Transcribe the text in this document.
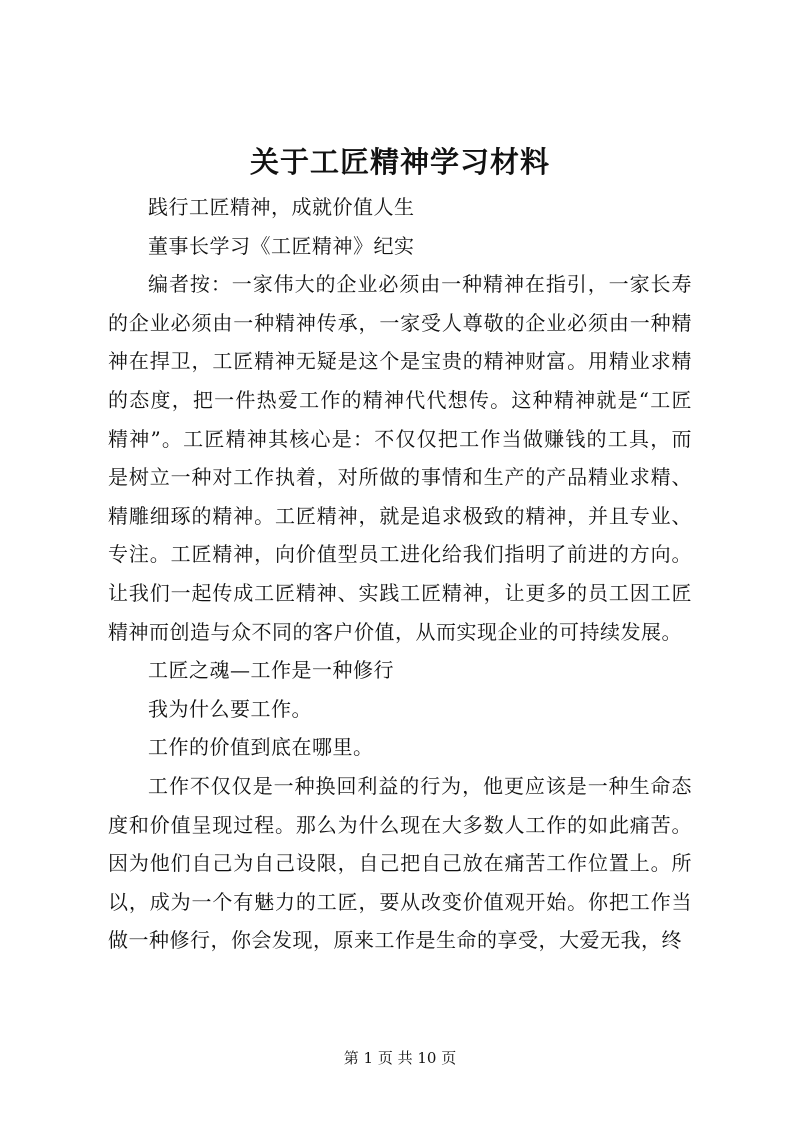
关于工匠精神学习材料

践行工匠精神，成就价值人生

董事长学习《工匠精神》纪实

编者按：一家伟大的企业必须由一种精神在指引，一家长寿的企业必须由一种精神传承，一家受人尊敬的企业必须由一种精神在捍卫，工匠精神无疑是这个是宝贵的精神财富。用精业求精的态度，把一件热爱工作的精神代代想传。这种精神就是“工匠精神”。工匠精神其核心是：不仅仅把工作当做赚钱的工具，而是树立一种对工作执着，对所做的事情和生产的产品精业求精、精雕细琢的精神。工匠精神，就是追求极致的精神，并且专业、专注。工匠精神，向价值型员工进化给我们指明了前进的方向。让我们一起传成工匠精神、实践工匠精神，让更多的员工因工匠精神而创造与众不同的客户价值，从而实现企业的可持续发展。

工匠之魂—工作是一种修行

我为什么要工作。

工作的价值到底在哪里。

工作不仅仅是一种换回利益的行为，他更应该是一种生命态度和价值呈现过程。那么为什么现在大多数人工作的如此痛苦。因为他们自己为自己设限，自己把自己放在痛苦工作位置上。所以，成为一个有魅力的工匠，要从改变价值观开始。你把工作当做一种修行，你会发现，原来工作是生命的享受，大爱无我，终

第 1 页 共 10 页
